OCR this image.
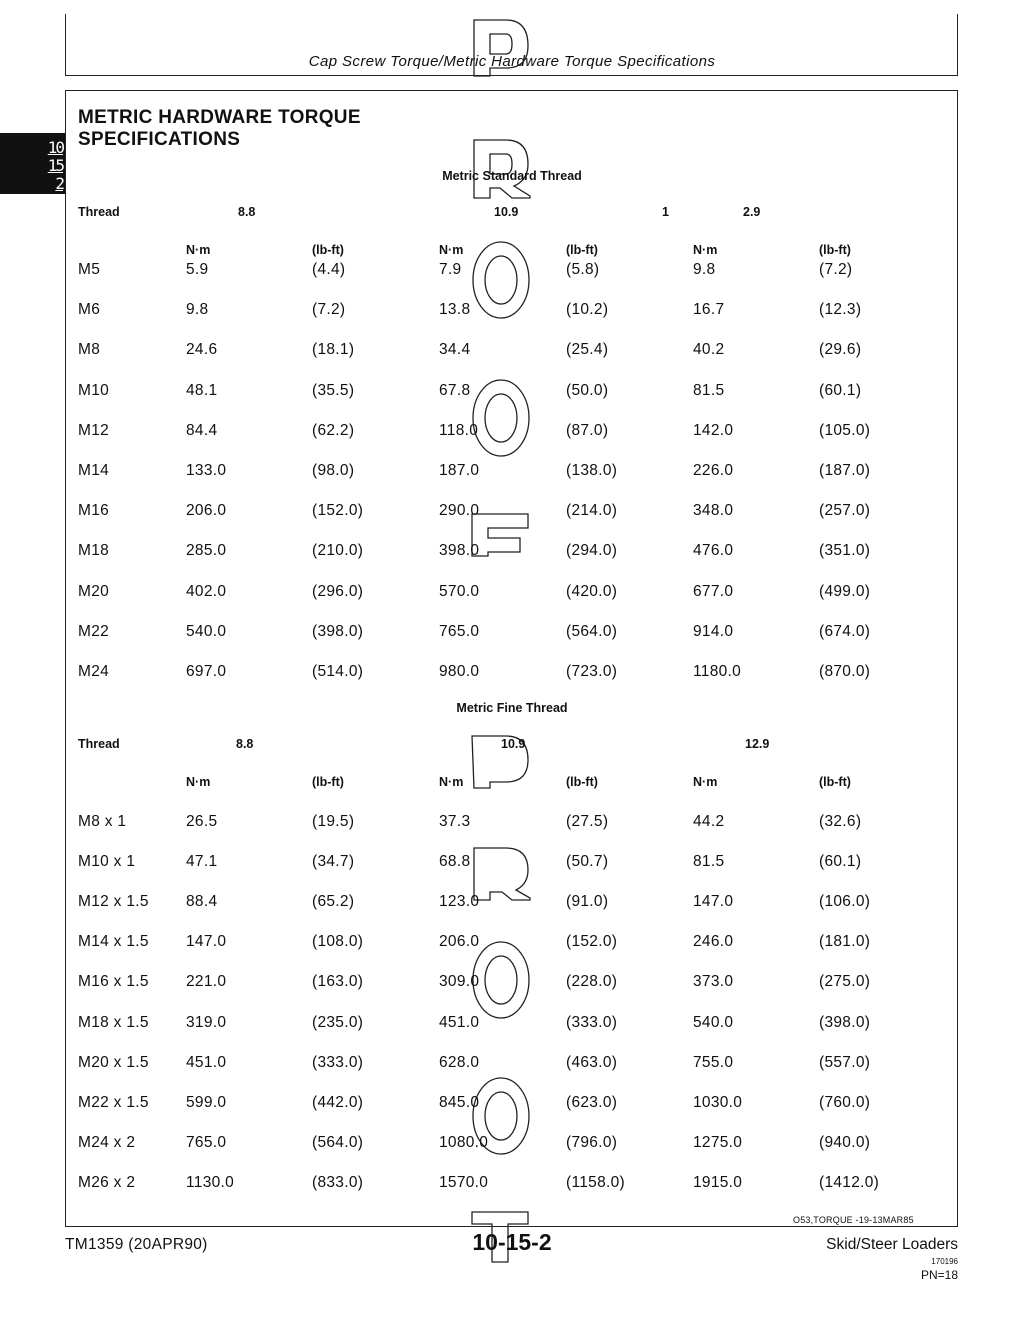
Cap Screw Torque/Metric Hardware Torque Specifications
10
15
2
METRIC HARDWARE TORQUE
SPECIFICATIONS
Metric Standard Thread
Thread	8.8	10.9	1	2.9
N·m	(lb-ft)	N·m	(lb-ft)	N·m	(lb-ft)
M5	5.9	(4.4)	7.9	(5.8)	9.8	(7.2)
M6	9.8	(7.2)	13.8	(10.2)	16.7	(12.3)
M8	24.6	(18.1)	34.4	(25.4)	40.2	(29.6)
M10	48.1	(35.5)	67.8	(50.0)	81.5	(60.1)
M12	84.4	(62.2)	118.0	(87.0)	142.0	(105.0)
M14	133.0	(98.0)	187.0	(138.0)	226.0	(187.0)
M16	206.0	(152.0)	290.0	(214.0)	348.0	(257.0)
M18	285.0	(210.0)	398.0	(294.0)	476.0	(351.0)
M20	402.0	(296.0)	570.0	(420.0)	677.0	(499.0)
M22	540.0	(398.0)	765.0	(564.0)	914.0	(674.0)
M24	697.0	(514.0)	980.0	(723.0)	1180.0	(870.0)
Metric Fine Thread
Thread	8.8	10.9	12.9
N·m	(lb-ft)	N·m	(lb-ft)	N·m	(lb-ft)
M8 x 1	26.5	(19.5)	37.3	(27.5)	44.2	(32.6)
M10 x 1	47.1	(34.7)	68.8	(50.7)	81.5	(60.1)
M12 x 1.5 88.4	(65.2)	123.0	(91.0)	147.0	(106.0)
M14 x 1.5 147.0	(108.0)	206.0	(152.0)	246.0	(181.0)
M16 x 1.5 221.0	(163.0)	309.0	(228.0)	373.0	(275.0)
M18 x 1.5 319.0	(235.0)	451.0	(333.0)	540.0	(398.0)
M20 x 1.5 451.0	(333.0)	628.0	(463.0)	755.0	(557.0)
M22 x 1.5 599.0	(442.0)	845.0	(623.0)	1030.0	(760.0)
M24 x 2	765.0	(564.0)	1080.0	(796.0)	1275.0	(940.0)
M26 x 2	1130.0	(833.0)	1570.0	(1158.0)	1915.0	(1412.0)
O53,TORQUE -19-13MAR85
TM1359 (20APR90)	10-15-2	Skid/Steer Loaders
170196
PN=18
